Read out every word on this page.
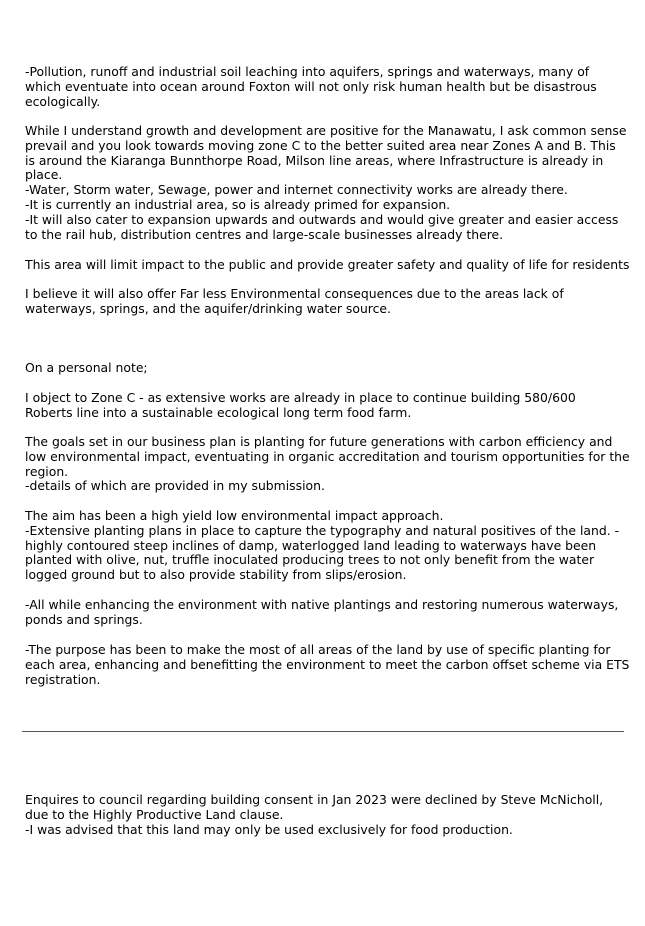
-Pollution, runoff and industrial soil leaching into aquifers, springs and waterways, many of
which eventuate into ocean around Foxton will not only risk human health but be disastrous
ecologically.

While I understand growth and development are positive for the Manawatu, I ask common sense
prevail and you look towards moving zone C to the better suited area near Zones A and B. This
is around the Kiaranga Bunnthorpe Road, Milson line areas, where Infrastructure is already in
place.
-Water, Storm water, Sewage, power and internet connectivity works are already there.
-It is currently an industrial area, so is already primed for expansion.
-It will also cater to expansion upwards and outwards and would give greater and easier access
to the rail hub, distribution centres and large-scale businesses already there.

This area will limit impact to the public and provide greater safety and quality of life for residents

I believe it will also offer Far less Environmental consequences due to the areas lack of
waterways, springs, and the aquifer/drinking water source.

On a personal note;

I object to Zone C - as extensive works are already in place to continue building 580/600
Roberts line into a sustainable ecological long term food farm.

The goals set in our business plan is planting for future generations with carbon efficiency and
low environmental impact, eventuating in organic accreditation and tourism opportunities for the
region.
-details of which are provided in my submission.

The aim has been a high yield low environmental impact approach.
-Extensive planting plans in place to capture the typography and natural positives of the land. -
highly contoured steep inclines of damp, waterlogged land leading to waterways have been
planted with olive, nut, truffle inoculated producing trees to not only benefit from the water
logged ground but to also provide stability from slips/erosion.

-All while enhancing the environment with native plantings and restoring numerous waterways,
ponds and springs.

-The purpose has been to make the most of all areas of the land by use of specific planting for
each area, enhancing and benefitting the environment to meet the carbon offset scheme via ETS
registration.

Enquires to council regarding building consent in Jan 2023 were declined by Steve McNicholl,
due to the Highly Productive Land clause.
-I was advised that this land may only be used exclusively for food production.
